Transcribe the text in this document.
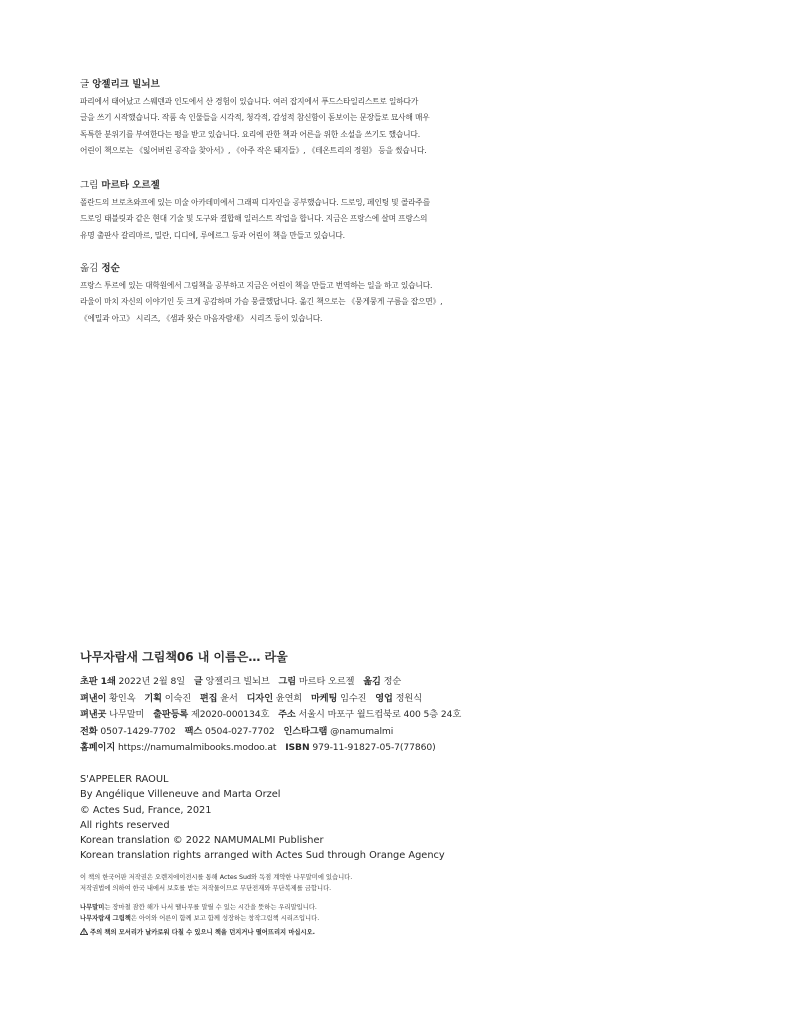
글 앙젤리크 빌뇌브
파리에서 태어났고 스웨덴과 인도에서 산 경험이 있습니다. 여러 잡지에서 푸드스타일리스트로 일하다가
글을 쓰기 시작했습니다. 작품 속 인물들을 시각적, 청각적, 감성적 참신함이 돋보이는 문장들로 묘사해 매우
독특한 분위기를 부여한다는 평을 받고 있습니다. 요리에 관한 책과 어른을 위한 소설을 쓰기도 했습니다.
어린이 책으로는 《잃어버린 공작을 찾아서》, 《아주 작은 돼지들》, 《테온트리의 정원》 등을 썼습니다.
그림 마르타 오르젤
폴란드의 브로츠와프에 있는 미술 아카데미에서 그래픽 디자인을 공부했습니다. 드로잉, 페인팅 및 콜라주를
드로잉 태블릿과 같은 현대 기술 및 도구와 결합해 일러스트 작업을 합니다. 지금은 프랑스에 살며 프랑스의
유명 출판사 갈리마르, 밀란, 디디에, 루에르그 등과 어린이 책을 만들고 있습니다.
옮김 정순
프랑스 투르에 있는 대학원에서 그림책을 공부하고 지금은 어린이 책을 만들고 번역하는 일을 하고 있습니다.
라울이 마치 자신의 이야기인 듯 크게 공감하며 가슴 뭉클했답니다. 옮긴 책으로는 《뭉게뭉게 구름을 잡으면》,
《에밀과 아고》 시리즈, 《샘과 왓슨 마음자람새》 시리즈 등이 있습니다.
나무자람새 그림책06 내 이름은… 라울
초판 1쇄 2022년 2월 8일 글 앙젤리크 빌뇌브 그림 마르타 오르젤 옮김 정순
펴낸이 황인옥 기획 이숙진 편집 윤서 디자인 윤연희 마케팅 임수진 영업 정원식
펴낸곳 나무말미 출판등록 제2020-000134호 주소 서울시 마포구 월드컵북로 400 5층 24호
전화 0507-1429-7702 팩스 0504-027-7702 인스타그램 @namumalmi
홈페이지 https://namumalmibooks.modoo.at ISBN 979-11-91827-05-7(77860)
S'APPELER RAOUL
By Angélique Villeneuve and Marta Orzel
© Actes Sud, France, 2021
All rights reserved
Korean translation © 2022 NAMUMALMI Publisher
Korean translation rights arranged with Actes Sud through Orange Agency
이 책의 한국어판 저작권은 오렌지에이전시를 통해 Actes Sud와 독점 계약한 나무말미에 있습니다.
저작권법에 의하여 한국 내에서 보호를 받는 저작물이므로 무단전재와 무단복제를 금합니다.
나무말미는 장마철 잠깐 해가 나서 땔나무를 말릴 수 있는 시간을 뜻하는 우리말입니다.
나무자람새 그림책은 아이와 어른이 함께 보고 함께 성장하는 창작그림책 시리즈입니다.
주의 책의 모서리가 날카로워 다칠 수 있으니 책을 던지거나 떨어뜨리지 마십시오.
